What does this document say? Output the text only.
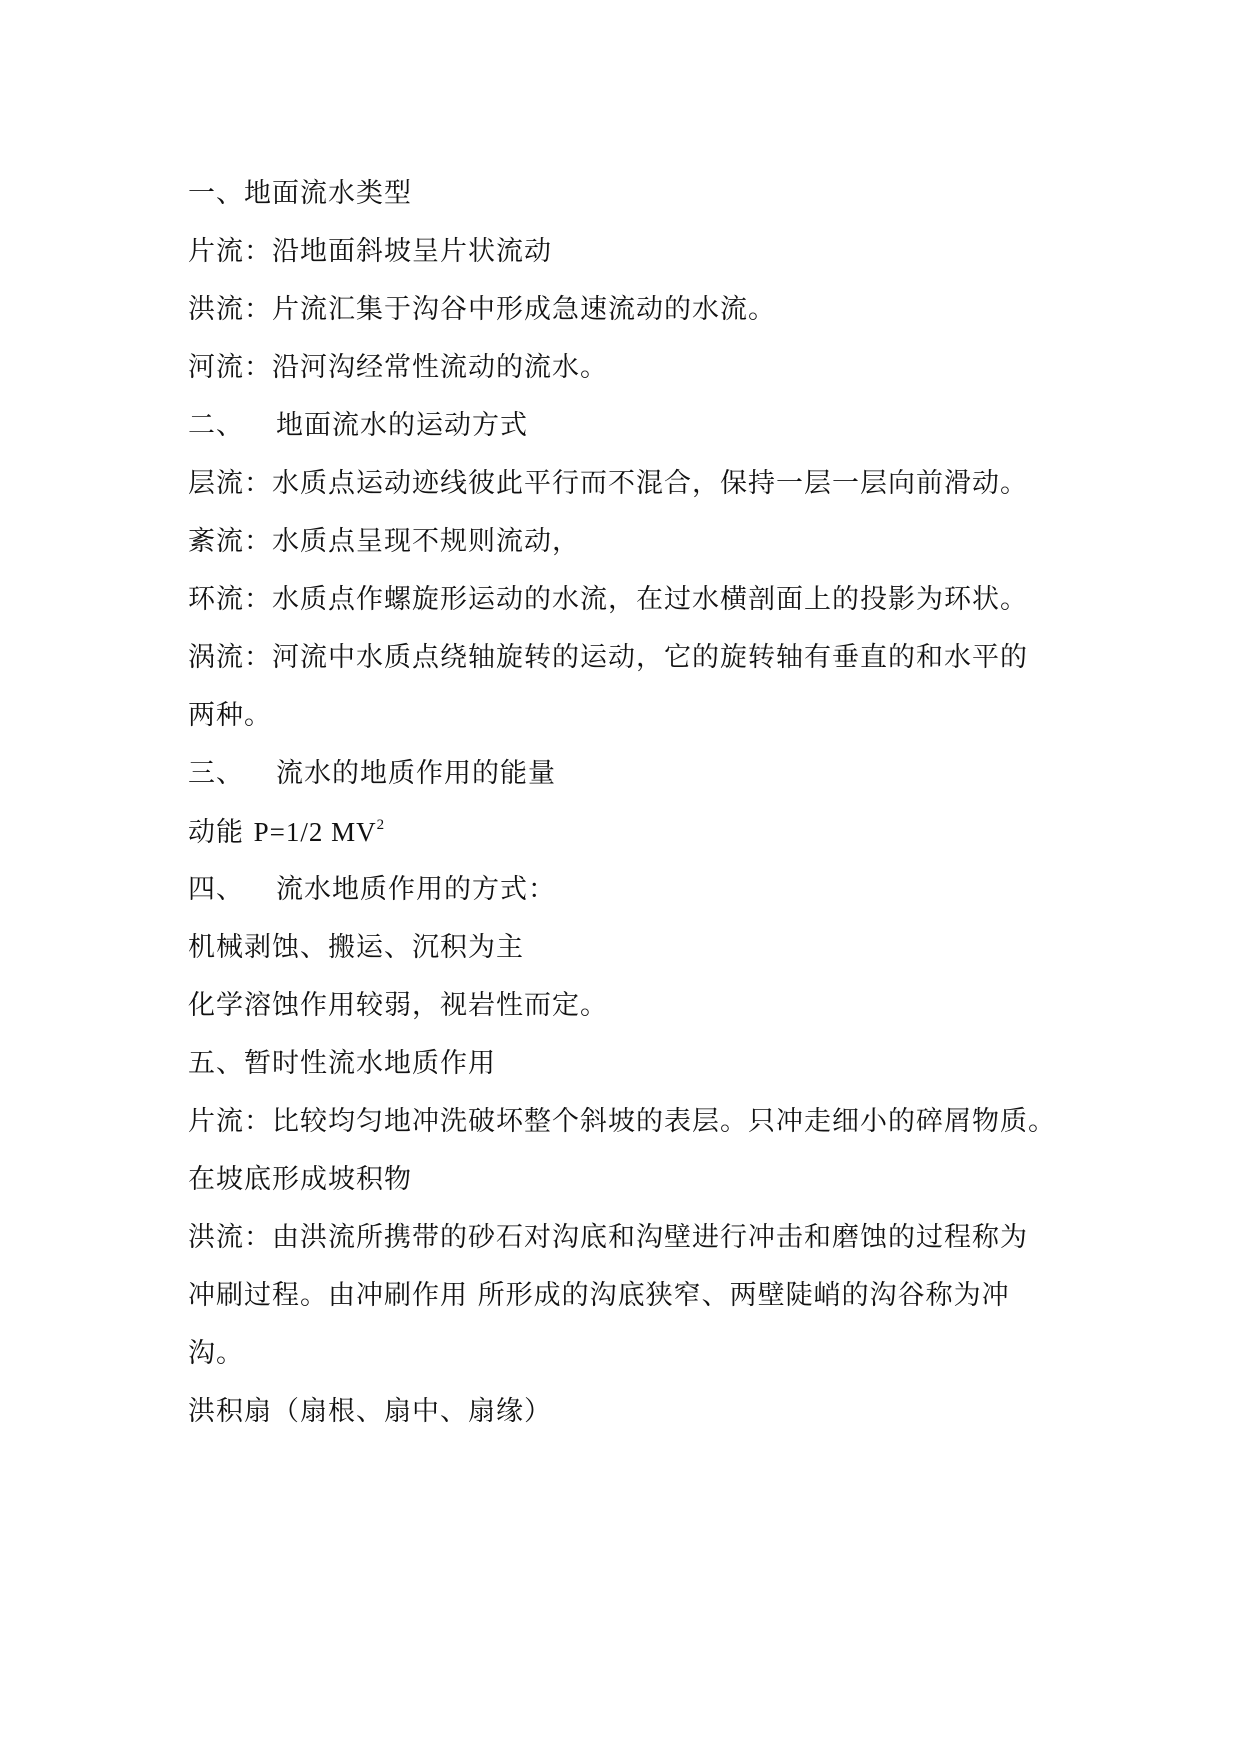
一、地面流水类型
片流：沿地面斜坡呈片状流动
洪流：片流汇集于沟谷中形成急速流动的水流。
河流：沿河沟经常性流动的流水。
二、 地面流水的运动方式
层流：水质点运动迹线彼此平行而不混合，保持一层一层向前滑动。
紊流：水质点呈现不规则流动，
环流：水质点作螺旋形运动的水流，在过水横剖面上的投影为环状。
涡流：河流中水质点绕轴旋转的运动，它的旋转轴有垂直的和水平的
两种。
三、 流水的地质作用的能量
动能 P=1/2 $MV^2$
四、 流水地质作用的方式：
机械剥蚀、搬运、沉积为主
化学溶蚀作用较弱，视岩性而定。
五、暂时性流水地质作用
片流：比较均匀地冲洗破坏整个斜坡的表层。只冲走细小的碎屑物质。
在坡底形成坡积物
洪流：由洪流所携带的砂石对沟底和沟壁进行冲击和磨蚀的过程称为
冲刷过程。由冲刷作用 所形成的沟底狭窄、两壁陡峭的沟谷称为冲
沟。
洪积扇（扇根、扇中、扇缘）
